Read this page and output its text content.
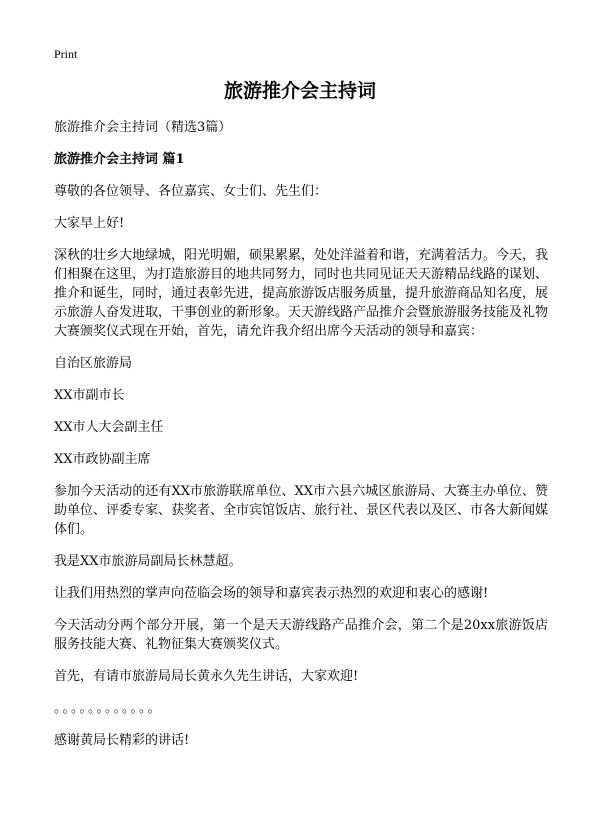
Print
旅游推介会主持词

旅游推介会主持词（精选3篇）

旅游推介会主持词 篇1

尊敬的各位领导、各位嘉宾、女士们、先生们：

大家早上好!

深秋的壮乡大地绿城，阳光明媚，硕果累累，处处洋溢着和谐，充满着活力。今天，我们相聚在这里，为打造旅游目的地共同努力，同时也共同见证天天游精品线路的谋划、推介和诞生，同时，通过表彰先进，提高旅游饭店服务质量，提升旅游商品知名度，展示旅游人奋发进取，干事创业的新形象。天天游线路产品推介会暨旅游服务技能及礼物大赛颁奖仪式现在开始，首先，请允许我介绍出席今天活动的领导和嘉宾：

自治区旅游局

XX市副市长

XX市人大会副主任

XX市政协副主席

参加今天活动的还有XX市旅游联席单位、XX市六县六城区旅游局、大赛主办单位、赞助单位、评委专家、获奖者、全市宾馆饭店、旅行社、景区代表以及区、市各大新闻媒体们。

我是XX市旅游局副局长林慧超。

让我们用热烈的掌声向莅临会场的领导和嘉宾表示热烈的欢迎和衷心的感谢!

今天活动分两个部分开展，第一个是天天游线路产品推介会，第二个是20xx旅游饭店服务技能大赛、礼物征集大赛颁奖仪式。

首先，有请市旅游局局长黄永久先生讲话，大家欢迎!

。。。。。。。。。。。。

感谢黄局长精彩的讲话!
